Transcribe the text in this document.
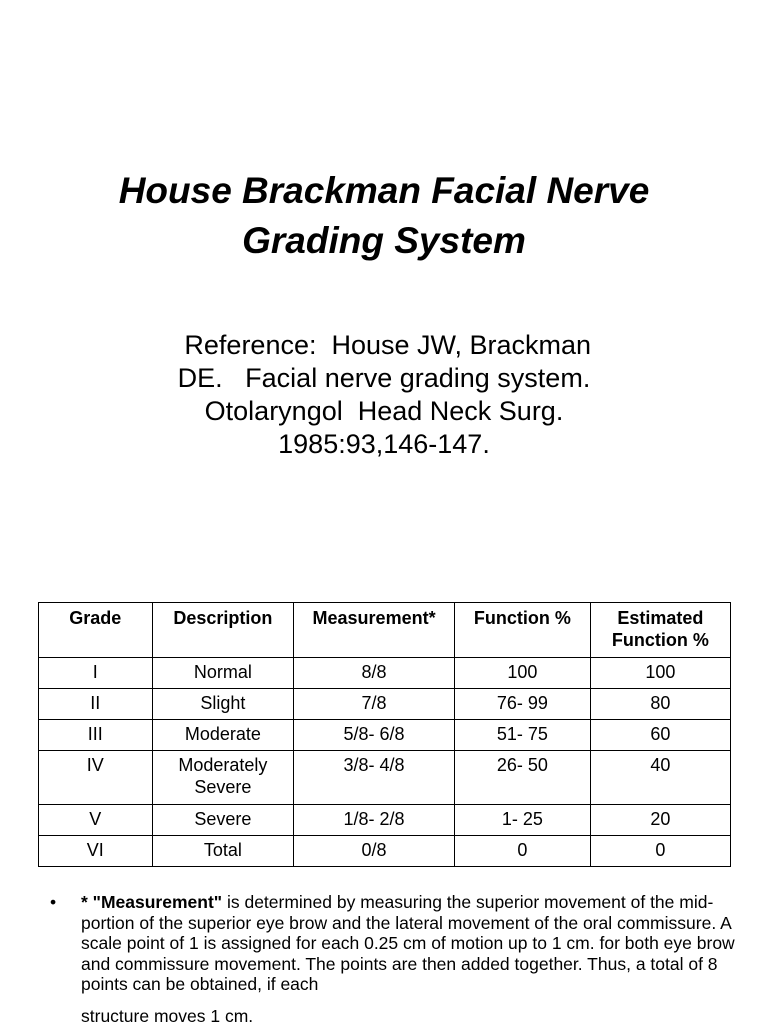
House Brackman Facial Nerve
Grading System
Reference:  House JW, Brackman
DE.   Facial nerve grading system.
Otolaryngol  Head Neck Surg.
1985:93,146-147.
Grade	Description	Measurement*	Function %	Estimated
Function %
I	Normal	8/8	100	100
II	Slight	7/8	76- 99	80
III	Moderate	5/8- 6/8	51- 75	60
IV	Moderately
Severe	3/8- 4/8	26- 50	40
V	Severe	1/8- 2/8	1- 25	20
VI	Total	0/8	0	0
• * "Measurement" is determined by measuring the superior movement of the mid-portion of the superior eye brow and the lateral movement of the oral commissure. A scale point of 1 is assigned for each 0.25 cm of motion up to 1 cm. for both eye brow and commissure movement. The points are then added together. Thus, a total of 8 points can be obtained, if each
structure moves 1 cm.
